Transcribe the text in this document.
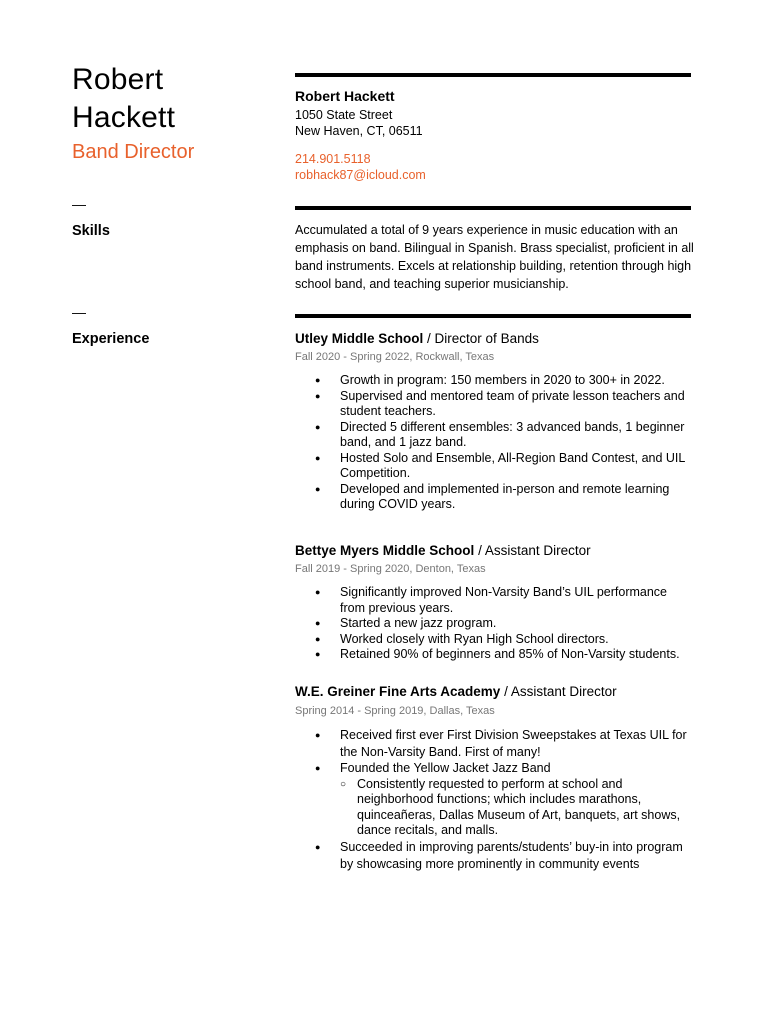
Robert
Hackett
Band Director
—
Skills
—
Experience
Robert Hackett
1050 State Street
New Haven, CT, 06511
214.901.5118
robhack87@icloud.com
Accumulated a total of 9 years experience in music education with an emphasis on band. Bilingual in Spanish. Brass specialist, proficient in all band instruments. Excels at relationship building, retention through high school band, and teaching superior musicianship.
Utley Middle School / Director of Bands
Fall 2020 - Spring 2022, Rockwall, Texas
● Growth in program: 150 members in 2020 to 300+ in 2022.
● Supervised and mentored team of private lesson teachers and student teachers.
● Directed 5 different ensembles: 3 advanced bands, 1 beginner band, and 1 jazz band.
● Hosted Solo and Ensemble, All-Region Band Contest, and UIL Competition.
● Developed and implemented in-person and remote learning during COVID years.
Bettye Myers Middle School / Assistant Director
Fall 2019 - Spring 2020, Denton, Texas
● Significantly improved Non-Varsity Band’s UIL performance from previous years.
● Started a new jazz program.
● Worked closely with Ryan High School directors.
● Retained 90% of beginners and 85% of Non-Varsity students.
W.E. Greiner Fine Arts Academy / Assistant Director
Spring 2014 - Spring 2019, Dallas, Texas
● Received first ever First Division Sweepstakes at Texas UIL for the Non-Varsity Band. First of many!
● Founded the Yellow Jacket Jazz Band
○ Consistently requested to perform at school and neighborhood functions; which includes marathons, quinceañeras, Dallas Museum of Art, banquets, art shows, dance recitals, and malls.
● Succeeded in improving parents/students’ buy-in into program by showcasing more prominently in community events
